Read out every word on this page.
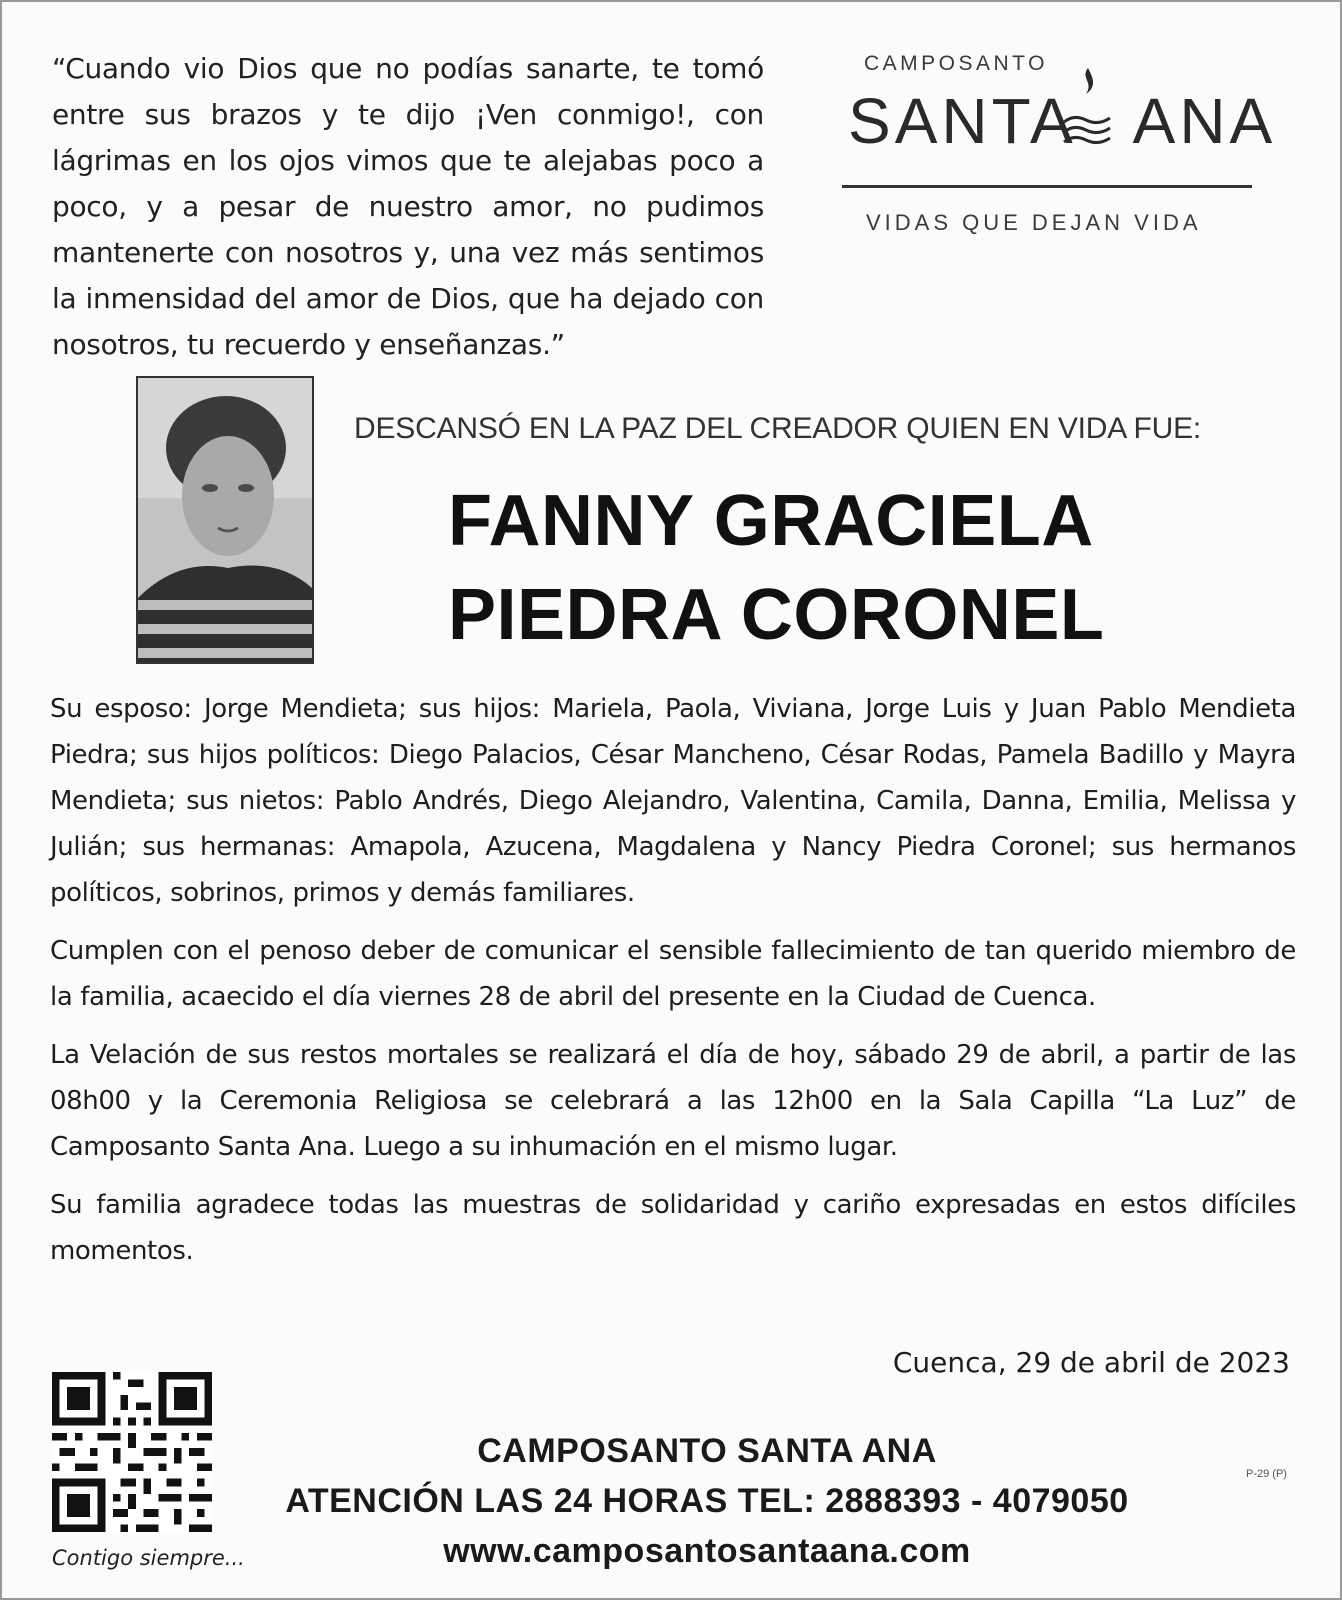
“Cuando vio Dios que no podías sanarte, te tomó entre sus brazos y te dijo ¡Ven conmigo!, con lágrimas en los ojos vimos que te alejabas poco a poco, y a pesar de nuestro amor, no pudimos mantenerte con nosotros y, una vez más sentimos la inmensidad del amor de Dios, que ha dejado con nosotros, tu recuerdo y enseñanzas.”
CAMPOSANTO
SANTA ANA
VIDAS QUE DEJAN VIDA
DESCANSÓ EN LA PAZ DEL CREADOR QUIEN EN VIDA FUE:
FANNY GRACIELA
PIEDRA CORONEL

Su esposo: Jorge Mendieta; sus hijos: Mariela, Paola, Viviana, Jorge Luis y Juan Pablo Mendieta Piedra; sus hijos políticos: Diego Palacios, César Mancheno, César Rodas, Pamela Badillo y Mayra Mendieta; sus nietos: Pablo Andrés, Diego Alejandro, Valentina, Camila, Danna, Emilia, Melissa y Julián; sus hermanas: Amapola, Azucena, Magdalena y Nancy Piedra Coronel; sus hermanos políticos, sobrinos, primos y demás familiares.

Cumplen con el penoso deber de comunicar el sensible fallecimiento de tan querido miembro de la familia, acaecido el día viernes 28 de abril del presente en la Ciudad de Cuenca.

La Velación de sus restos mortales se realizará el día de hoy, sábado 29 de abril, a partir de las 08h00 y la Ceremonia Religiosa se celebrará a las 12h00 en la Sala Capilla “La Luz” de Camposanto Santa Ana. Luego a su inhumación en el mismo lugar.

Su familia agradece todas las muestras de solidaridad y cariño expresadas en estos difíciles momentos.

Cuenca, 29 de abril de 2023
Contigo siempre...
CAMPOSANTO SANTA ANA
ATENCIÓN LAS 24 HORAS TEL: 2888393 - 4079050
www.camposantosantaana.com
P-29 (P)
